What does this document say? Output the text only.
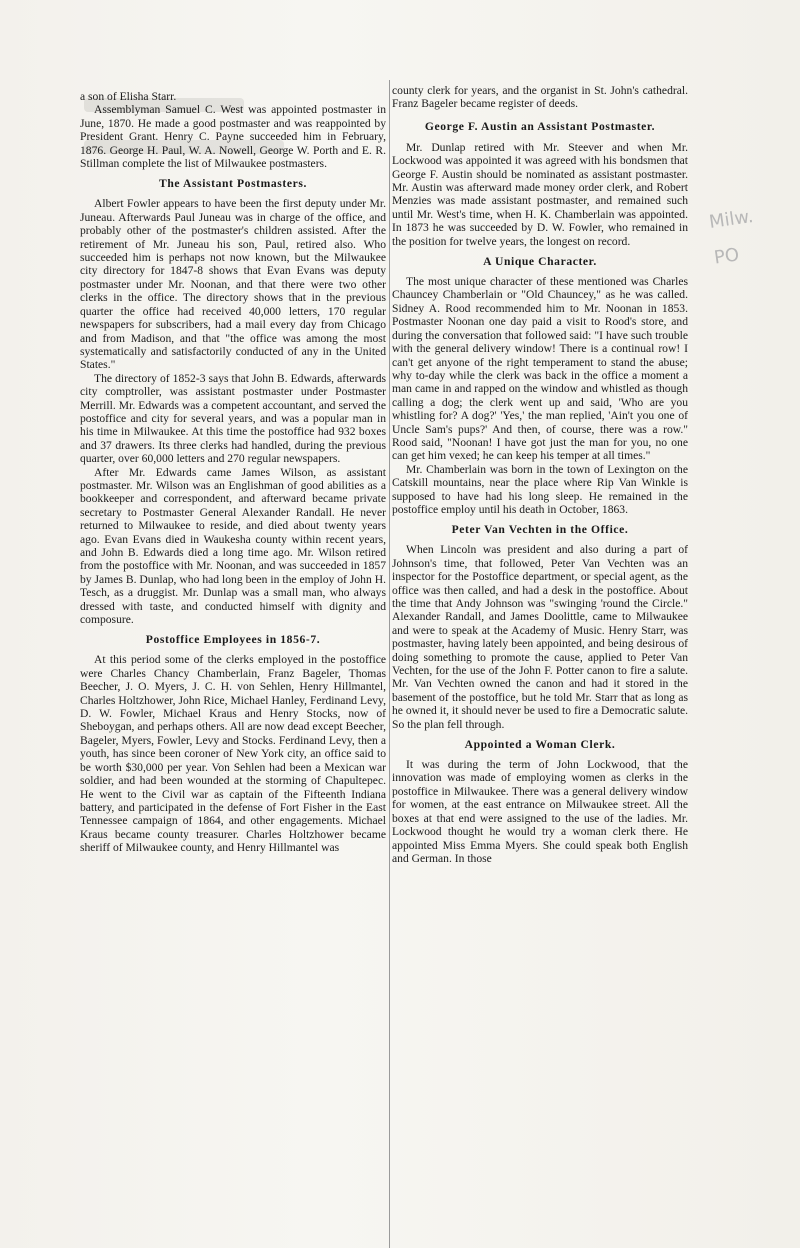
a son of Elisha Starr.

Assemblyman Samuel C. West was appointed postmaster in June, 1870. He made a good postmaster and was reappointed by President Grant. Henry C. Payne succeeded him in February, 1876. George H. Paul, W. A. Nowell, George W. Porth and E. R. Stillman complete the list of Milwaukee postmasters.

The Assistant Postmasters.

Albert Fowler appears to have been the first deputy under Mr. Juneau. Afterwards Paul Juneau was in charge of the office, and probably other of the postmaster's children assisted. After the retirement of Mr. Juneau his son, Paul, retired also. Who succeeded him is perhaps not now known, but the Milwaukee city directory for 1847-8 shows that Evan Evans was deputy postmaster under Mr. Noonan, and that there were two other clerks in the office. The directory shows that in the previous quarter the office had received 40,000 letters, 170 regular newspapers for subscribers, had a mail every day from Chicago and from Madison, and that "the office was among the most systematically and satisfactorily conducted of any in the United States."

The directory of 1852-3 says that John B. Edwards, afterwards city comptroller, was assistant postmaster under Postmaster Merrill. Mr. Edwards was a competent accountant, and served the postoffice and city for several years, and was a popular man in his time in Milwaukee. At this time the postoffice had 932 boxes and 37 drawers. Its three clerks had handled, during the previous quarter, over 60,000 letters and 270 regular newspapers.

After Mr. Edwards came James Wilson, as assistant postmaster. Mr. Wilson was an Englishman of good abilities as a bookkeeper and correspondent, and afterward became private secretary to Postmaster General Alexander Randall. He never returned to Milwaukee to reside, and died about twenty years ago. Evan Evans died in Waukesha county within recent years, and John B. Edwards died a long time ago. Mr. Wilson retired from the postoffice with Mr. Noonan, and was succeeded in 1857 by James B. Dunlap, who had long been in the employ of John H. Tesch, as a druggist. Mr. Dunlap was a small man, who always dressed with taste, and conducted himself with dignity and composure.

Postoffice Employees in 1856-7.

At this period some of the clerks employed in the postoffice were Charles Chancy Chamberlain, Franz Bageler, Thomas Beecher, J. O. Myers, J. C. H. von Sehlen, Henry Hillmantel, Charles Holtzhower, John Rice, Michael Hanley, Ferdinand Levy, D. W. Fowler, Michael Kraus and Henry Stocks, now of Sheboygan, and perhaps others. All are now dead except Beecher, Bageler, Myers, Fowler, Levy and Stocks. Ferdinand Levy, then a youth, has since been coroner of New York city, an office said to be worth $30,000 per year. Von Sehlen had been a Mexican war soldier, and had been wounded at the storming of Chapultepec. He went to the Civil war as captain of the Fifteenth Indiana battery, and participated in the defense of Fort Fisher in the East Tennessee campaign of 1864, and other engagements. Michael Kraus became county treasurer. Charles Holtzhower became sheriff of Milwaukee county, and Henry Hillmantel was

county clerk for years, and the organist in St. John's cathedral. Franz Bageler became register of deeds.

George F. Austin an Assistant Postmaster.

Mr. Dunlap retired with Mr. Steever and when Mr. Lockwood was appointed it was agreed with his bondsmen that George F. Austin should be nominated as assistant postmaster. Mr. Austin was afterward made money order clerk, and Robert Menzies was made assistant postmaster, and remained such until Mr. West's time, when H. K. Chamberlain was appointed. In 1873 he was succeeded by D. W. Fowler, who remained in the position for twelve years, the longest on record.

A Unique Character.

The most unique character of these mentioned was Charles Chauncey Chamberlain or "Old Chauncey," as he was called. Sidney A. Rood recommended him to Mr. Noonan in 1853. Postmaster Noonan one day paid a visit to Rood's store, and during the conversation that followed said: "I have such trouble with the general delivery window! There is a continual row! I can't get anyone of the right temperament to stand the abuse; why to-day while the clerk was back in the office a moment a man came in and rapped on the window and whistled as though calling a dog; the clerk went up and said, 'Who are you whistling for? A dog?' 'Yes,' the man replied, 'Ain't you one of Uncle Sam's pups?' And then, of course, there was a row." Rood said, "Noonan! I have got just the man for you, no one can get him vexed; he can keep his temper at all times."

Mr. Chamberlain was born in the town of Lexington on the Catskill mountains, near the place where Rip Van Winkle is supposed to have had his long sleep. He remained in the postoffice employ until his death in October, 1863.

Peter Van Vechten in the Office.

When Lincoln was president and also during a part of Johnson's time, that followed, Peter Van Vechten was an inspector for the Postoffice department, or special agent, as the office was then called, and had a desk in the postoffice. About the time that Andy Johnson was "swinging 'round the Circle." Alexander Randall, and James Doolittle, came to Milwaukee and were to speak at the Academy of Music. Henry Starr, was postmaster, having lately been appointed, and being desirous of doing something to promote the cause, applied to Peter Van Vechten, for the use of the John F. Potter canon to fire a salute. Mr. Van Vechten owned the canon and had it stored in the basement of the postoffice, but he told Mr. Starr that as long as he owned it, it should never be used to fire a Democratic salute. So the plan fell through.

Appointed a Woman Clerk.

It was during the term of John Lockwood, that the innovation was made of employing women as clerks in the postoffice in Milwaukee. There was a general delivery window for women, at the east entrance on Milwaukee street. All the boxes at that end were assigned to the use of the ladies. Mr. Lockwood thought he would try a woman clerk there. He appointed Miss Emma Myers. She could speak both English and German. In those

Milw. PO
